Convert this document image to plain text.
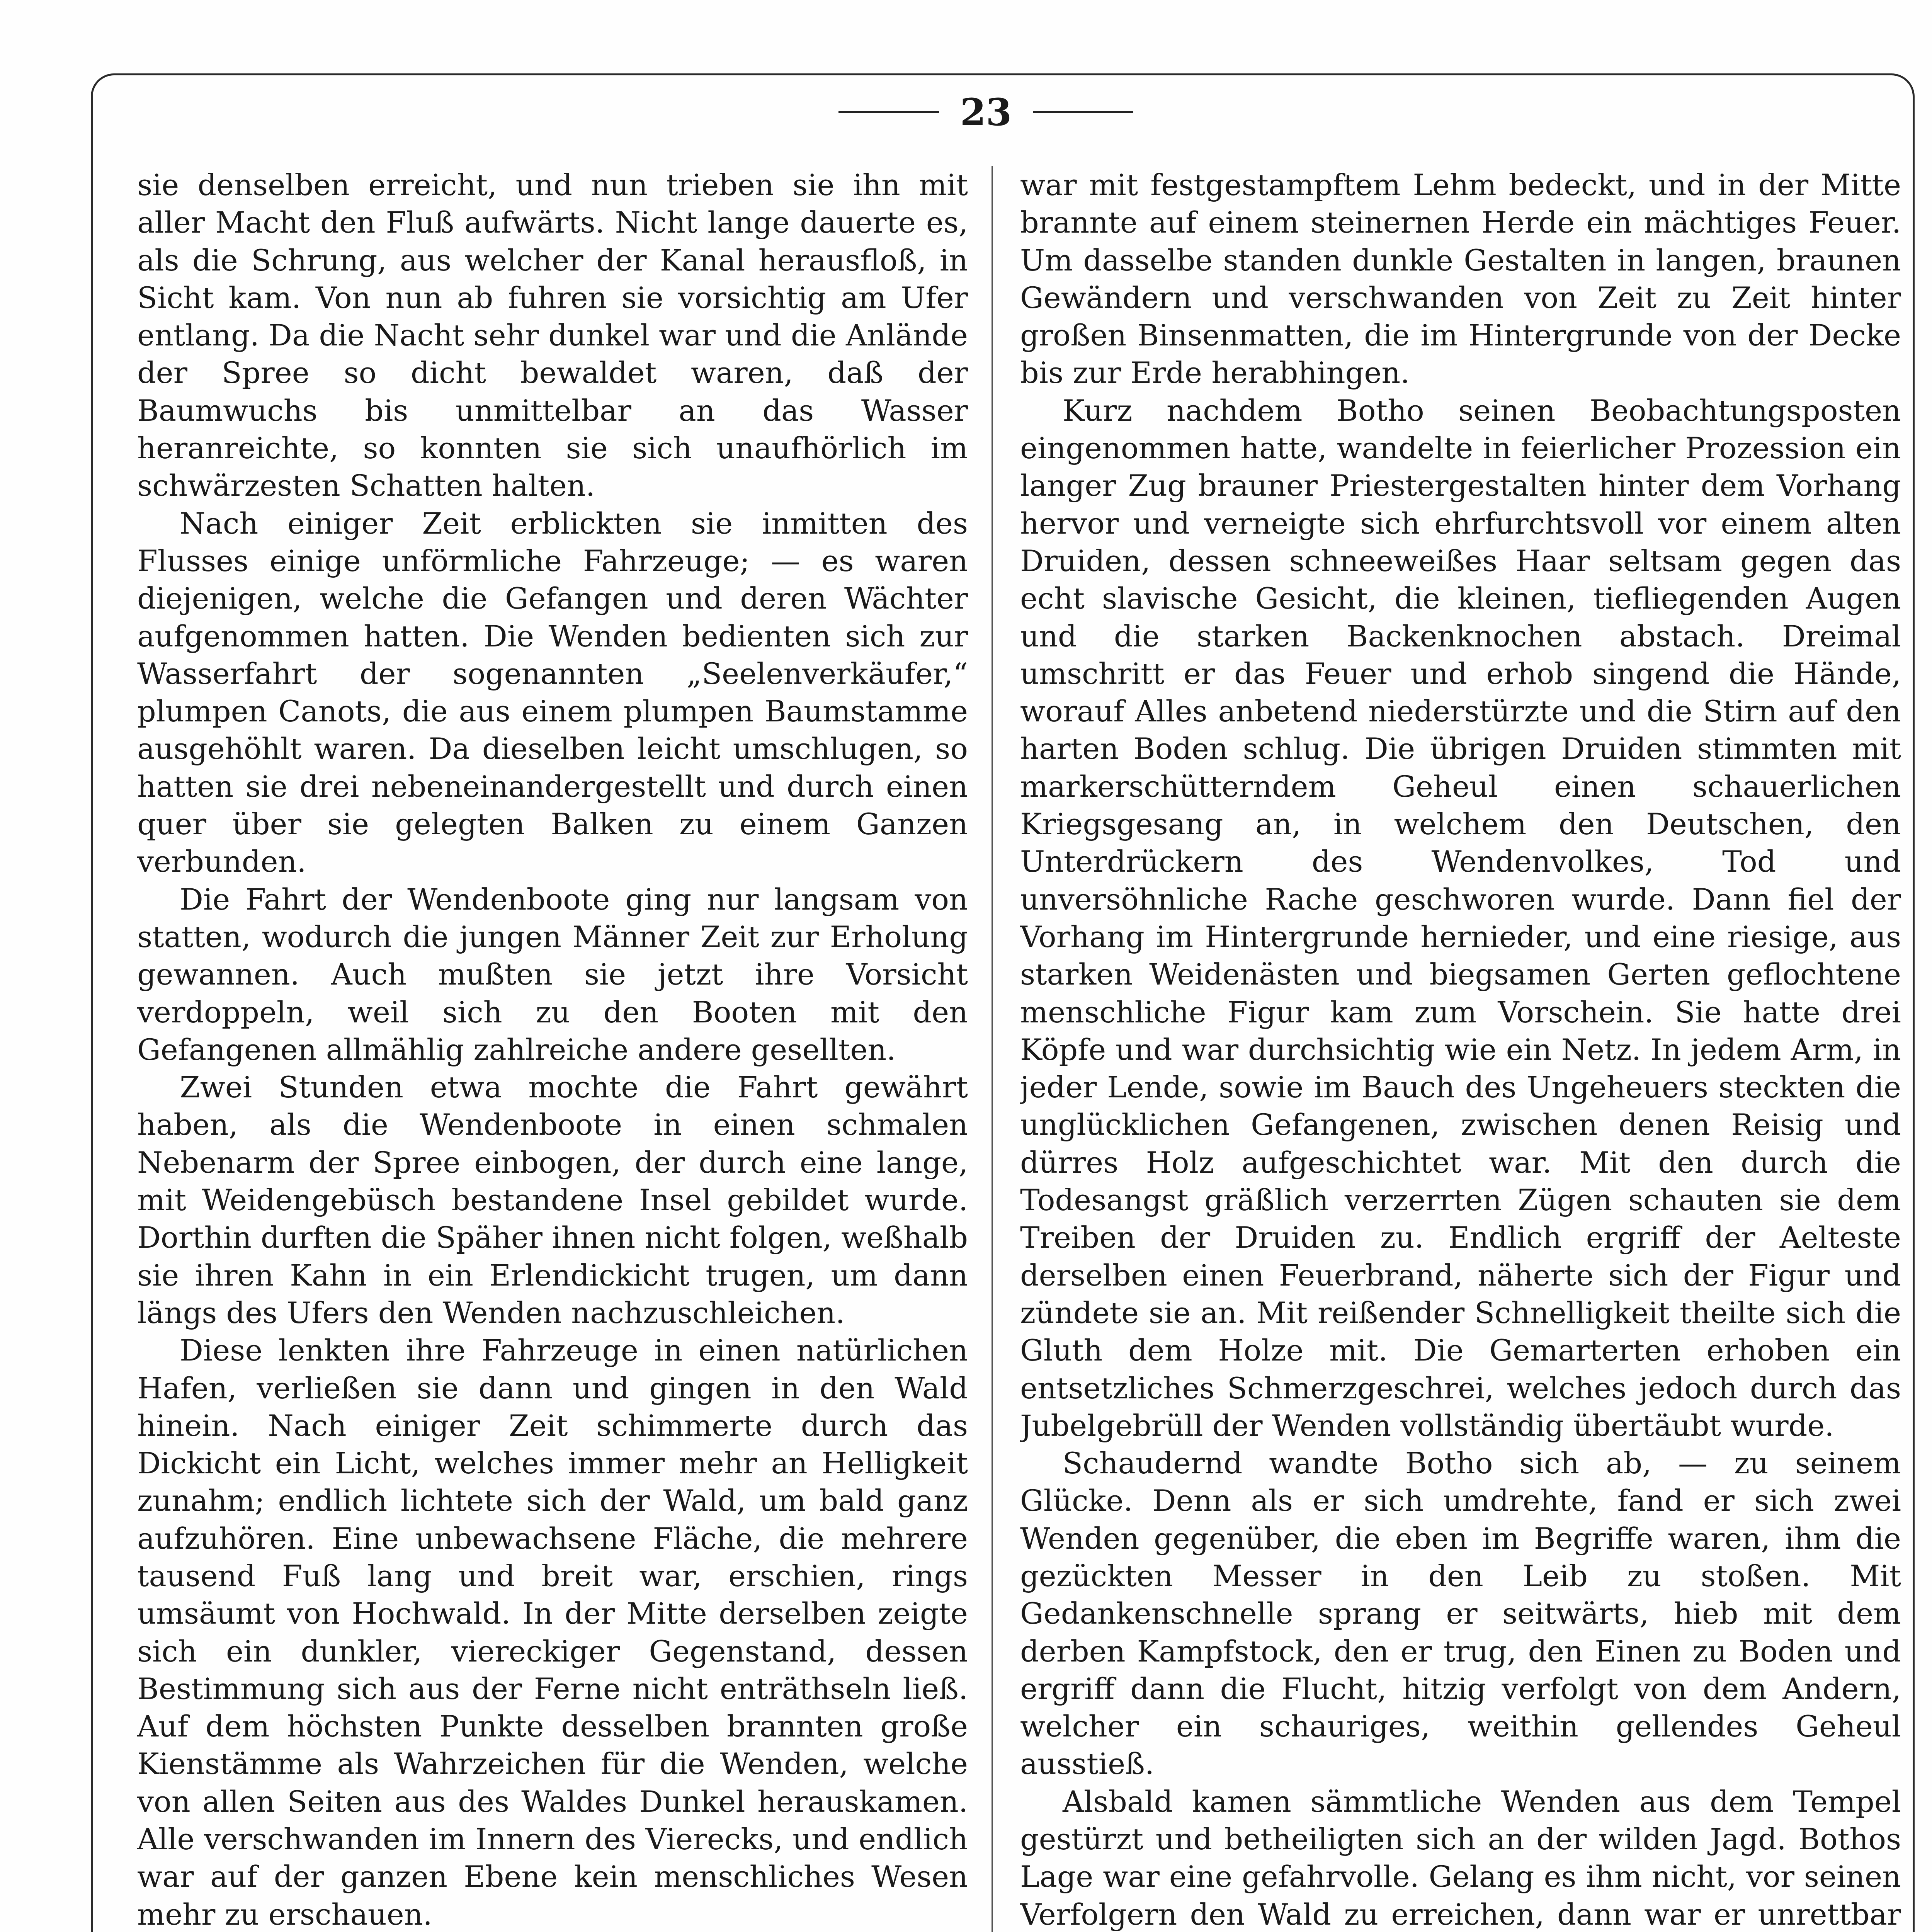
23

sie denselben erreicht, und nun trieben sie ihn mit aller Macht den Fluß aufwärts. Nicht lange dauerte es, als die Schrung, aus welcher der Kanal herausfloß, in Sicht kam. Von nun ab fuhren sie vorsichtig am Ufer entlang. Da die Nacht sehr dunkel war und die Anlände der Spree so dicht bewaldet waren, daß der Baumwuchs bis unmittelbar an das Wasser heranreichte, so konnten sie sich unaufhörlich im schwärzesten Schatten halten.

Nach einiger Zeit erblickten sie inmitten des Flusses einige unförmliche Fahrzeuge; — es waren diejenigen, welche die Gefangen und deren Wächter aufgenommen hatten. Die Wenden bedienten sich zur Wasserfahrt der sogenannten „Seelenverkäufer,“ plumpen Canots, die aus einem plumpen Baumstamme ausgehöhlt waren. Da dieselben leicht umschlugen, so hatten sie drei nebeneinandergestellt und durch einen quer über sie gelegten Balken zu einem Ganzen verbunden.

Die Fahrt der Wendenboote ging nur langsam von statten, wodurch die jungen Männer Zeit zur Erholung gewannen. Auch mußten sie jetzt ihre Vorsicht verdoppeln, weil sich zu den Booten mit den Gefangenen allmählig zahlreiche andere gesellten.

Zwei Stunden etwa mochte die Fahrt gewährt haben, als die Wendenboote in einen schmalen Nebenarm der Spree einbogen, der durch eine lange, mit Weidengebüsch bestandene Insel gebildet wurde. Dorthin durften die Späher ihnen nicht folgen, weßhalb sie ihren Kahn in ein Erlendickicht trugen, um dann längs des Ufers den Wenden nachzuschleichen.

Diese lenkten ihre Fahrzeuge in einen natürlichen Hafen, verließen sie dann und gingen in den Wald hinein. Nach einiger Zeit schimmerte durch das Dickicht ein Licht, welches immer mehr an Helligkeit zunahm; endlich lichtete sich der Wald, um bald ganz aufzuhören. Eine unbewachsene Fläche, die mehrere tausend Fuß lang und breit war, erschien, rings umsäumt von Hochwald. In der Mitte derselben zeigte sich ein dunkler, viereckiger Gegenstand, dessen Bestimmung sich aus der Ferne nicht enträthseln ließ. Auf dem höchsten Punkte desselben brannten große Kienstämme als Wahrzeichen für die Wenden, welche von allen Seiten aus des Waldes Dunkel herauskamen. Alle verschwanden im Innern des Vierecks, und endlich war auf der ganzen Ebene kein menschliches Wesen mehr zu erschauen.

war mit festgestampftem Lehm bedeckt, und in der Mitte brannte auf einem steinernen Herde ein mächtiges Feuer. Um dasselbe standen dunkle Gestalten in langen, braunen Gewändern und verschwanden von Zeit zu Zeit hinter großen Binsenmatten, die im Hintergrunde von der Decke bis zur Erde herabhingen.

Kurz nachdem Botho seinen Beobachtungsposten eingenommen hatte, wandelte in feierlicher Prozession ein langer Zug brauner Priestergestalten hinter dem Vorhang hervor und verneigte sich ehrfurchtsvoll vor einem alten Druiden, dessen schneeweißes Haar seltsam gegen das echt slavische Gesicht, die kleinen, tiefliegenden Augen und die starken Backenknochen abstach. Dreimal umschritt er das Feuer und erhob singend die Hände, worauf Alles anbetend niederstürzte und die Stirn auf den harten Boden schlug. Die übrigen Druiden stimmten mit markerschütterndem Geheul einen schauerlichen Kriegsgesang an, in welchem den Deutschen, den Unterdrückern des Wendenvolkes, Tod und unversöhnliche Rache geschworen wurde. Dann fiel der Vorhang im Hintergrunde hernieder, und eine riesige, aus starken Weidenästen und biegsamen Gerten geflochtene menschliche Figur kam zum Vorschein. Sie hatte drei Köpfe und war durchsichtig wie ein Netz. In jedem Arm, in jeder Lende, sowie im Bauch des Ungeheuers steckten die unglücklichen Gefangenen, zwischen denen Reisig und dürres Holz aufgeschichtet war. Mit den durch die Todesangst gräßlich verzerrten Zügen schauten sie dem Treiben der Druiden zu. Endlich ergriff der Aelteste derselben einen Feuerbrand, näherte sich der Figur und zündete sie an. Mit reißender Schnelligkeit theilte sich die Gluth dem Holze mit. Die Gemarterten erhoben ein entsetzliches Schmerzgeschrei, welches jedoch durch das Jubelgebrüll der Wenden vollständig übertäubt wurde.

Schaudernd wandte Botho sich ab, — zu seinem Glücke. Denn als er sich umdrehte, fand er sich zwei Wenden gegenüber, die eben im Begriffe waren, ihm die gezückten Messer in den Leib zu stoßen. Mit Gedankenschnelle sprang er seitwärts, hieb mit dem derben Kampfstock, den er trug, den Einen zu Boden und ergriff dann die Flucht, hitzig verfolgt von dem Andern, welcher ein schauriges, weithin gellendes Geheul ausstieß.

Alsbald kamen sämmtliche Wenden aus dem Tempel gestürzt und betheiligten sich an der wilden Jagd. Bothos Lage war eine gefahrvolle. Gelang es ihm nicht, vor seinen Verfolgern den Wald zu erreichen, dann war er unrettbar
